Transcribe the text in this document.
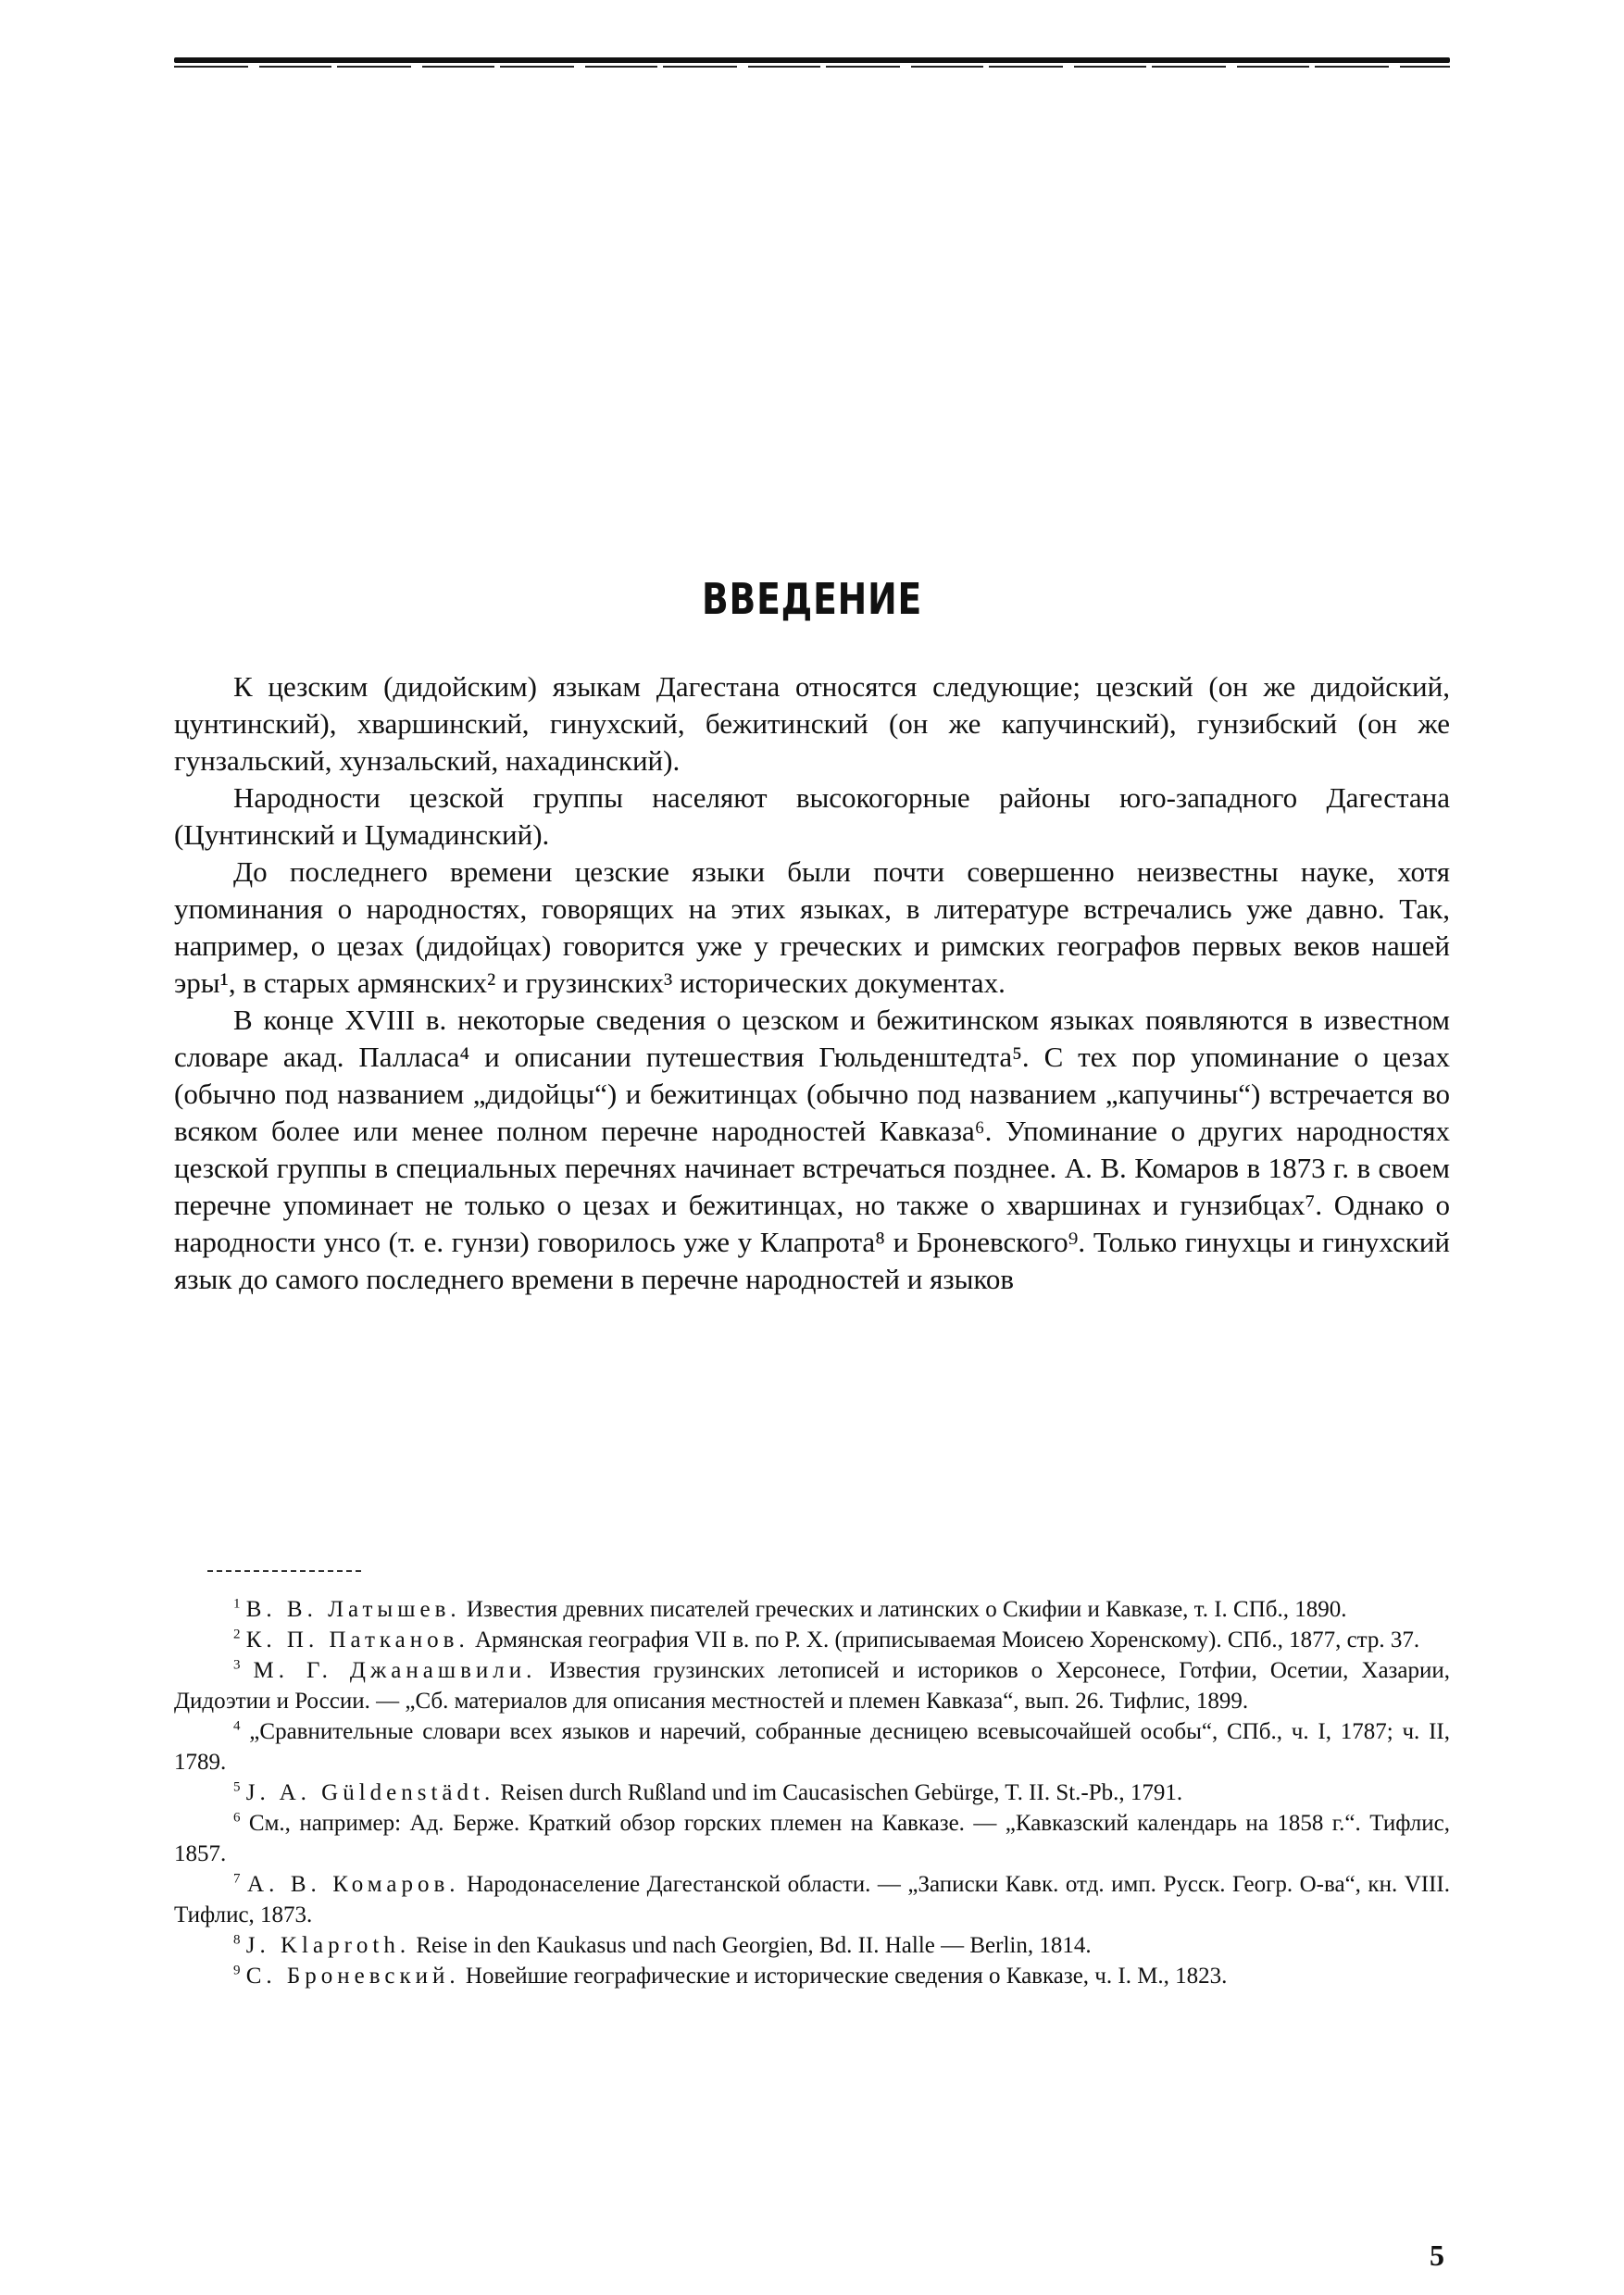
ВВЕДЕНИЕ

К цезским (дидойским) языкам Дагестана относятся следующие; цезский (он же дидойский, цунтинский), хваршинский, гинухский, бежитинский (он же капучинский), гунзибский (он же гунзальский, хунзальский, нахадинский).

Народности цезской группы населяют высокогорные районы юго-западного Дагестана (Цунтинский и Цумадинский).

До последнего времени цезские языки были почти совершенно неизвестны науке, хотя упоминания о народностях, говорящих на этих языках, в литературе встречались уже давно. Так, например, о цезах (дидойцах) говорится уже у греческих и римских географов первых веков нашей эры¹, в старых армянских² и грузинских³ исторических документах.

В конце XVIII в. некоторые сведения о цезском и бежитинском языках появляются в известном словаре акад. Палласа⁴ и описании путешествия Гюльденштедта⁵. С тех пор упоминание о цезах (обычно под названием „дидойцы“) и бежитинцах (обычно под названием „капучины“) встречается во всяком более или менее полном перечне народностей Кавказа⁶. Упоминание о других народностях цезской группы в специальных перечнях начинает встречаться позднее. А. В. Комаров в 1873 г. в своем перечне упоминает не только о цезах и бежитинцах, но также о хваршинах и гунзибцах⁷. Однако о народности унсо (т. е. гунзи) говорилось уже у Клапрота⁸ и Броневского⁹. Только гинухцы и гинухский язык до самого последнего времени в перечне народностей и языков

$^1$ В. В. Латышев. Известия древних писателей греческих и латинских о Скифии и Кавказе, т. I. СПб., 1890.

$^2$ К. П. Патканов. Армянская география VII в. по Р. Х. (приписываемая Моисею Хоренскому). СПб., 1877, стр. 37.

$^3$ М. Г. Джанашвили. Известия грузинских летописей и историков о Херсонесе, Готфии, Осетии, Хазарии, Дидоэтии и России. — „Сб. материалов для описания местностей и племен Кавказа“, вып. 26. Тифлис, 1899.

$^4$ „Сравнительные словари всех языков и наречий, собранные десницею всевысочайшей особы“, СПб., ч. I, 1787; ч. II, 1789.

$^5$ J. A. Güldenstädt. Reisen durch Rußland und im Caucasischen Gebürge, T. II. St.-Pb., 1791.

$^6$ См., например: Ад. Берже. Краткий обзор горских племен на Кавказе. — „Кавказский календарь на 1858 г.“. Тифлис, 1857.

$^7$ А. В. Комаров. Народонаселение Дагестанской области. — „Записки Кавк. отд. имп. Русск. Геогр. О-ва“, кн. VIII. Тифлис, 1873.

$^8$ J. Klaproth. Reise in den Kaukasus und nach Georgien, Bd. II. Halle — Berlin, 1814.

$^9$ С. Броневский. Новейшие географические и исторические сведения о Кавказе, ч. I. М., 1823.

5
